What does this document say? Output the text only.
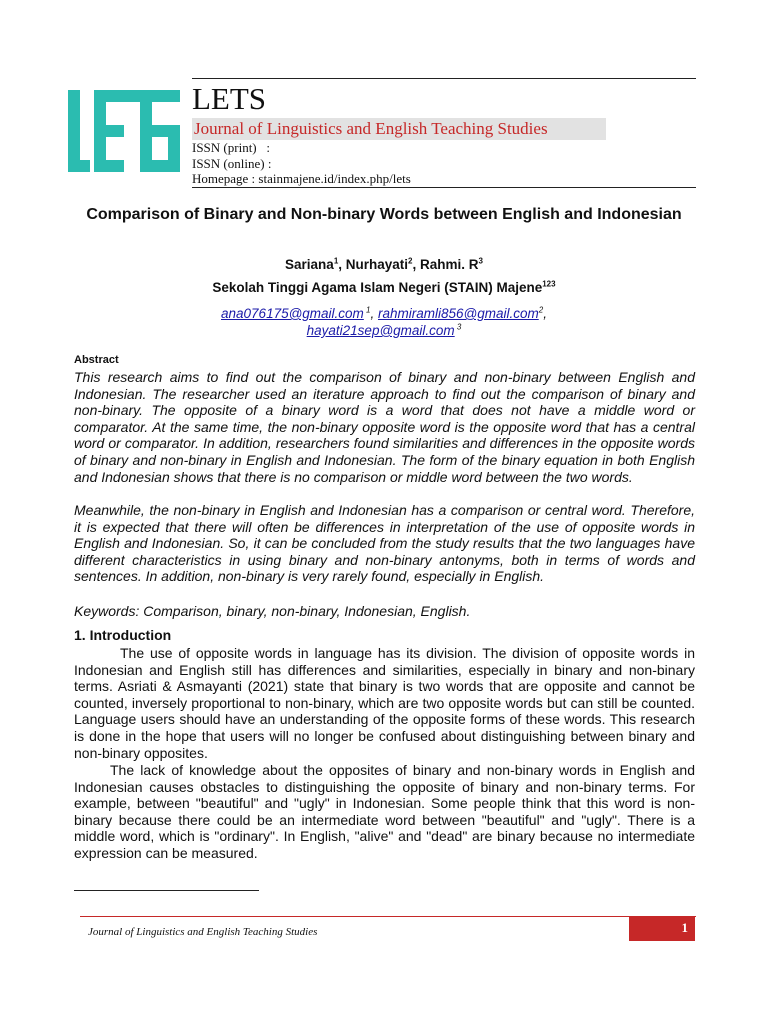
LETS
Journal of Linguistics and English Teaching Studies
ISSN (print)   :
ISSN (online) :
Homepage : stainmajene.id/index.php/lets
Comparison of Binary and Non-binary Words between English and Indonesian
Sariana$^1$, Nurhayati$^2$, Rahmi. $R^3$
Sekolah Tinggi Agama Islam Negeri (STAIN) Majene$^{123}$
ana076175@gmail.com $^1$, rahmiramli856@gmail.com$^2$,
hayati21sep@gmail.com $^3$
Abstract
This research aims to find out the comparison of binary and non-binary between English and Indonesian. The researcher used an iterature approach to find out the comparison of binary and non-binary. The opposite of a binary word is a word that does not have a middle word or comparator. At the same time, the non-binary opposite word is the opposite word that has a central word or comparator. In addition, researchers found similarities and differences in the opposite words of binary and non-binary in English and Indonesian. The form of the binary equation in both English and Indonesian shows that there is no comparison or middle word between the two words.
Meanwhile, the non-binary in English and Indonesian has a comparison or central word. Therefore, it is expected that there will often be differences in interpretation of the use of opposite words in English and Indonesian. So, it can be concluded from the study results that the two languages have different characteristics in using binary and non-binary antonyms, both in terms of words and sentences. In addition, non-binary is very rarely found, especially in English.
Keywords: Comparison, binary, non-binary, Indonesian, English.
1. Introduction
The use of opposite words in language has its division. The division of opposite words in Indonesian and English still has differences and similarities, especially in binary and non-binary terms. Asriati & Asmayanti (2021) state that binary is two words that are opposite and cannot be counted, inversely proportional to non-binary, which are two opposite words but can still be counted. Language users should have an understanding of the opposite forms of these words. This research is done in the hope that users will no longer be confused about distinguishing between binary and non-binary opposites.
The lack of knowledge about the opposites of binary and non-binary words in English and Indonesian causes obstacles to distinguishing the opposite of binary and non-binary terms. For example, between "beautiful" and "ugly" in Indonesian. Some people think that this word is non-binary because there could be an intermediate word between "beautiful" and "ugly". There is a middle word, which is "ordinary". In English, "alive" and "dead" are binary because no intermediate expression can be measured.
Journal of Linguistics and English Teaching Studies	1
